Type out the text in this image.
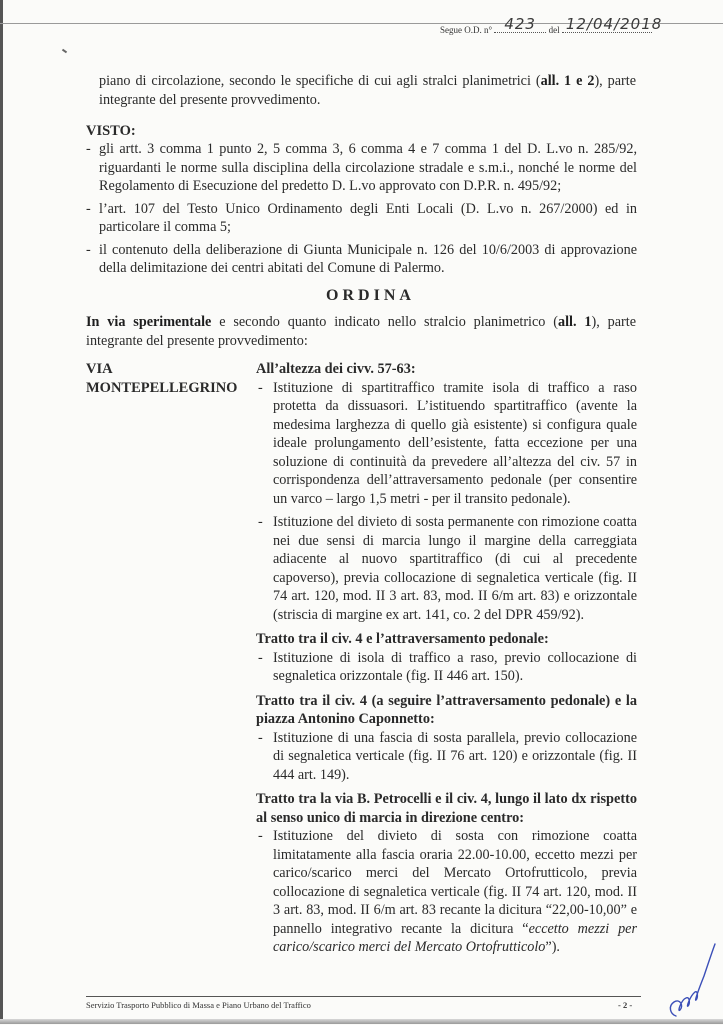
Segue O.D. n° 423 del 12/04/2018
piano di circolazione, secondo le specifiche di cui agli stralci planimetrici (all. 1 e 2), parte integrante del presente provvedimento.
VISTO:
- gli artt. 3 comma 1 punto 2, 5 comma 3, 6 comma 4 e 7 comma 1 del D. L.vo n. 285/92, riguardanti le norme sulla disciplina della circolazione stradale e s.m.i., nonché le norme del Regolamento di Esecuzione del predetto D. L.vo approvato con D.P.R. n. 495/92;
- l’art. 107 del Testo Unico Ordinamento degli Enti Locali (D. L.vo n. 267/2000) ed in particolare il comma 5;
- il contenuto della deliberazione di Giunta Municipale n. 126 del 10/6/2003 di approvazione della delimitazione dei centri abitati del Comune di Palermo.
ORDINA
In via sperimentale e secondo quanto indicato nello stralcio planimetrico (all. 1), parte integrante del presente provvedimento:
VIA
MONTEPELLEGRINO
All’altezza dei civv. 57-63:
- Istituzione di spartitraffico tramite isola di traffico a raso protetta da dissuasori. L’istituendo spartitraffico (avente la medesima larghezza di quello già esistente) si configura quale ideale prolungamento dell’esistente, fatta eccezione per una soluzione di continuità da prevedere all’altezza del civ. 57 in corrispondenza dell’attraversamento pedonale (per consentire un varco – largo 1,5 metri - per il transito pedonale).
- Istituzione del divieto di sosta permanente con rimozione coatta nei due sensi di marcia lungo il margine della carreggiata adiacente al nuovo spartitraffico (di cui al precedente capoverso), previa collocazione di segnaletica verticale (fig. II 74 art. 120, mod. II 3 art. 83, mod. II 6/m art. 83) e orizzontale (striscia di margine ex art. 141, co. 2 del DPR 459/92).
Tratto tra il civ. 4 e l’attraversamento pedonale:
- Istituzione di isola di traffico a raso, previo collocazione di segnaletica orizzontale (fig. II 446 art. 150).
Tratto tra il civ. 4 (a seguire l’attraversamento pedonale) e la piazza Antonino Caponnetto:
- Istituzione di una fascia di sosta parallela, previo collocazione di segnaletica verticale (fig. II 76 art. 120) e orizzontale (fig. II 444 art. 149).
Tratto tra la via B. Petrocelli e il civ. 4, lungo il lato dx rispetto al senso unico di marcia in direzione centro:
- Istituzione del divieto di sosta con rimozione coatta limitatamente alla fascia oraria 22.00-10.00, eccetto mezzi per carico/scarico merci del Mercato Ortofrutticolo, previa collocazione di segnaletica verticale (fig. II 74 art. 120, mod. II 3 art. 83, mod. II 6/m art. 83 recante la dicitura “22,00-10,00” e pannello integrativo recante la dicitura “eccetto mezzi per carico/scarico merci del Mercato Ortofrutticolo”).
Servizio Trasporto Pubblico di Massa e Piano Urbano del Traffico	- 2 -
